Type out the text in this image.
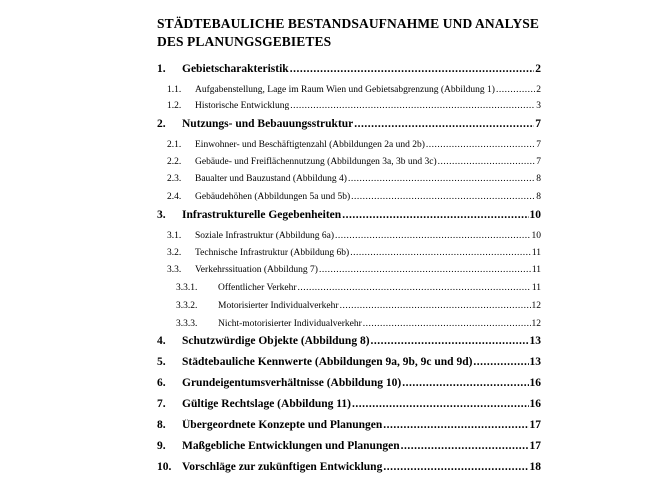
STÄDTEBAULICHE BESTANDSAUFNAHME UND ANALYSE
DES PLANUNGSGEBIETES
1.	Gebietscharakteristik .....	2
1.1.	Aufgabenstellung, Lage im Raum Wien und Gebietsabgrenzung (Abbildung 1) .....	2
1.2.	Historische Entwicklung .....	3
2.	Nutzungs- und Bebauungsstruktur .....	7
2.1.	Einwohner- und Beschäftigtenzahl (Abbildungen 2a und 2b) .....	7
2.2.	Gebäude- und Freiflächennutzung (Abbildungen 3a, 3b und 3c) .....	7
2.3.	Baualter und Bauzustand (Abbildung 4) .....	8
2.4.	Gebäudehöhen (Abbildungen 5a und 5b) .....	8
3.	Infrastrukturelle Gegebenheiten .....	10
3.1.	Soziale Infrastruktur (Abbildung 6a) .....	10
3.2.	Technische Infrastruktur (Abbildung 6b) .....	11
3.3.	Verkehrssituation (Abbildung 7) .....	11
3.3.1.	Öffentlicher Verkehr .....	11
3.3.2.	Motorisierter Individualverkehr .....	12
3.3.3.	Nicht-motorisierter Individualverkehr .....	12
4.	Schutzwürdige Objekte (Abbildung 8) .....	13
5.	Städtebauliche Kennwerte (Abbildungen 9a, 9b, 9c und 9d) .....	13
6.	Grundeigentumsverhältnisse (Abbildung 10) .....	16
7.	Gültige Rechtslage (Abbildung 11) .....	16
8.	Übergeordnete Konzepte und Planungen .....	17
9.	Maßgebliche Entwicklungen und Planungen .....	17
10. Vorschläge zur zukünftigen Entwicklung .....	18
